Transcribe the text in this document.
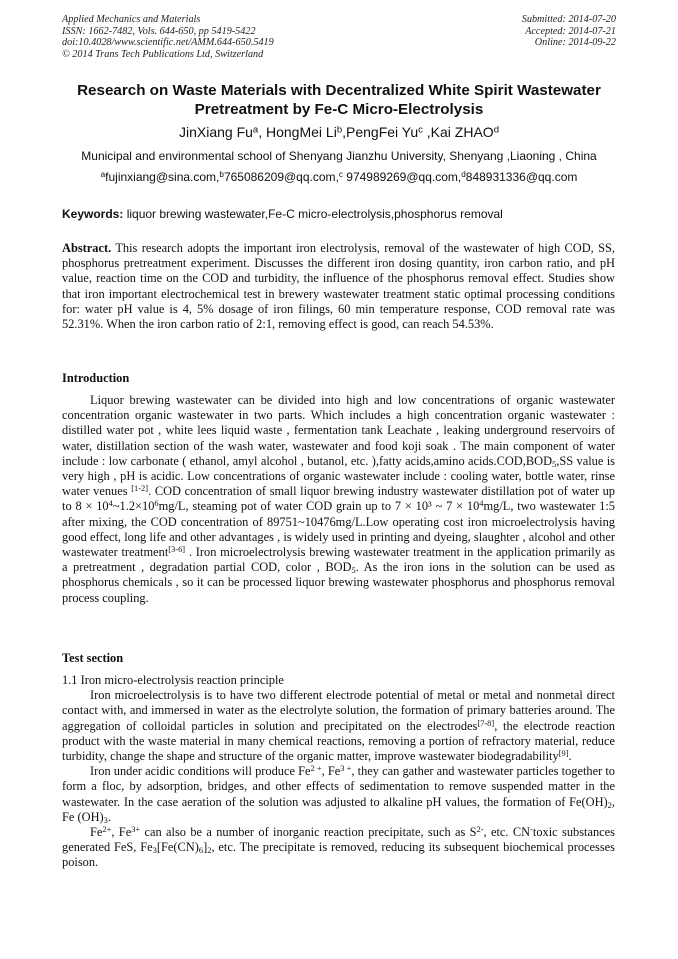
Applied Mechanics and Materials
ISSN: 1662-7482, Vols. 644-650, pp 5419-5422
doi:10.4028/www.scientific.net/AMM.644-650.5419
© 2014 Trans Tech Publications Ltd, Switzerland
Submitted: 2014-07-20
Accepted: 2014-07-21
Online: 2014-09-22
Research on Waste Materials with Decentralized White Spirit Wastewater
Pretreatment by Fe-C Micro-Electrolysis
JinXiang Fu$^a$, HongMei Li$^b$,PengFei Yu$^c$ ,Kai ZHAO$^d$
Municipal and environmental school of Shenyang Jianzhu University, Shenyang ,Liaoning , China
$^a$fujinxiang@sina.com,$^b$765086209@qq.com,$^c$ 974989269@qq.com,$^d$848931336@qq.com
Keywords: liquor brewing wastewater,Fe-C micro-electrolysis,phosphorus removal

Abstract. This research adopts the important iron electrolysis, removal of the wastewater of high COD, SS, phosphorus pretreatment experiment. Discusses the different iron dosing quantity, iron carbon ratio, and pH value, reaction time on the COD and turbidity, the influence of the phosphorus removal effect. Studies show that iron important electrochemical test in brewery wastewater treatment static optimal processing conditions for: water pH value is 4, 5% dosage of iron filings, 60 min temperature response, COD removal rate was 52.31%. When the iron carbon ratio of 2:1, removing effect is good, can reach 54.53%.

Introduction

Liquor brewing wastewater can be divided into high and low concentrations of organic wastewater concentration organic wastewater in two parts. Which includes a high concentration organic wastewater : distilled water pot , white lees liquid waste , fermentation tank Leachate , leaking underground reservoirs of water, distillation section of the wash water, wastewater and food koji soak . The main component of water include : low carbonate ( ethanol, amyl alcohol , butanol, etc. ),fatty acids,amino $acids.COD,BOD_5,SS$ value is very high , pH is acidic. Low concentrations of organic wastewater include : cooling water, bottle water, rinse water venues [1-2]. COD concentration of small liquor brewing industry wastewater distillation pot of water up to $8 \times 10^4\sim 1.2\times 10^6mg/L$, steaming pot of water COD grain up to 7 × 10³ ~ $7 \times 10^4mg/L$, two wastewater 1:5 after mixing, the COD concentration of 89751~10476mg/L.Low operating cost iron microelectrolysis having good effect, long life and other advantages , is widely used in printing and dyeing, slaughter , alcohol and other wastewater treatment[3-6] . Iron microelectrolysis brewing wastewater treatment in the application primarily as a pretreatment , degradation partial COD, color , $BOD_5$. As the iron ions in the solution can be used as phosphorus chemicals , so it can be processed liquor brewing wastewater phosphorus and phosphorus removal process coupling.

Test section

1.1 Iron micro-electrolysis reaction principle

Iron microelectrolysis is to have two different electrode potential of metal or metal and nonmetal direct contact with, and immersed in water as the electrolyte solution, the formation of primary batteries around. The aggregation of colloidal particles in solution and precipitated on the electrodes[7-8], the electrode reaction product with the waste material in many chemical reactions, removing a portion of refractory material, reduce turbidity, change the shape and structure of the organic matter, improve wastewater biodegradability[9].

Iron under acidic conditions will produce $Fe^{2 +}$, $Fe^{3 +}$, they can gather and wastewater particles together to form a floc, by adsorption, bridges, and other effects of sedimentation to remove suspended matter in the wastewater. In the case aeration of the solution was adjusted to alkaline pH values, the formation of $Fe(OH)_2$, Fe $(OH)_3$.

$Fe^{2+}$, $Fe^{3+}$ can also be a number of inorganic reaction precipitate, such as $S^{2-}$, etc. CN-toxic substances generated FeS, $Fe_3[Fe(CN)_6]_2$, etc. The precipitate is removed, reducing its subsequent biochemical processes poison.
